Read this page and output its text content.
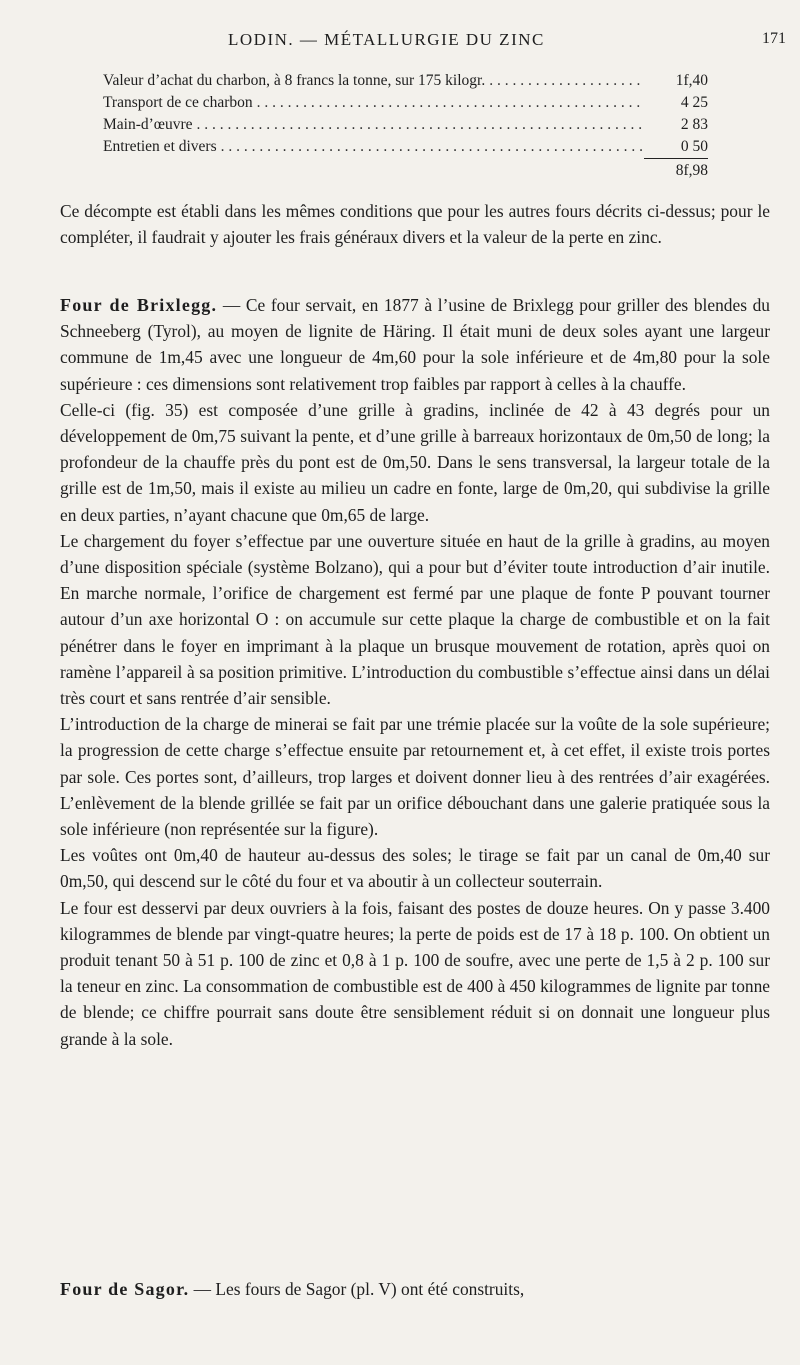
LODIN. — MÉTALLURGIE DU ZINC	171
Valeur d’achat du charbon, à 8 francs la tonne, sur 175 kilogr. . . .	1f,40
Transport de ce charbon . . .	4 25
Main-d’œuvre . . .	2 83
Entretien et divers . . .	0 50
8f,98

Ce décompte est établi dans les mêmes conditions que pour les autres fours décrits ci-dessus; pour le compléter, il faudrait y ajouter les frais généraux divers et la valeur de la perte en zinc.

Four de Brixlegg. — Ce four servait, en 1877 à l’usine de Brixlegg pour griller des blendes du Schneeberg (Tyrol), au moyen de lignite de Häring. Il était muni de deux soles ayant une largeur commune de 1m,45 avec une longueur de 4m,60 pour la sole inférieure et de 4m,80 pour la sole supérieure : ces dimensions sont relativement trop faibles par rapport à celles à la chauffe.

Celle-ci (fig. 35) est composée d’une grille à gradins, inclinée de 42 à 43 degrés pour un développement de 0m,75 suivant la pente, et d’une grille à barreaux horizontaux de 0m,50 de long; la profondeur de la chauffe près du pont est de 0m,50. Dans le sens transversal, la largeur totale de la grille est de 1m,50, mais il existe au milieu un cadre en fonte, large de 0m,20, qui subdivise la grille en deux parties, n’ayant chacune que 0m,65 de large.

Le chargement du foyer s’effectue par une ouverture située en haut de la grille à gradins, au moyen d’une disposition spéciale (système Bolzano), qui a pour but d’éviter toute introduction d’air inutile. En marche normale, l’orifice de chargement est fermé par une plaque de fonte P pouvant tourner autour d’un axe horizontal O : on accumule sur cette plaque la charge de combustible et on la fait pénétrer dans le foyer en imprimant à la plaque un brusque mouvement de rotation, après quoi on ramène l’appareil à sa position primitive. L’introduction du combustible s’effectue ainsi dans un délai très court et sans rentrée d’air sensible.

L’introduction de la charge de minerai se fait par une trémie placée sur la voûte de la sole supérieure; la progression de cette charge s’effectue ensuite par retournement et, à cet effet, il existe trois portes par sole. Ces portes sont, d’ailleurs, trop larges et doivent donner lieu à des rentrées d’air exagérées. L’enlèvement de la blende grillée se fait par un orifice débouchant dans une galerie pratiquée sous la sole inférieure (non représentée sur la figure).

Les voûtes ont 0m,40 de hauteur au-dessus des soles; le tirage se fait par un canal de 0m,40 sur 0m,50, qui descend sur le côté du four et va aboutir à un collecteur souterrain.

Le four est desservi par deux ouvriers à la fois, faisant des postes de douze heures. On y passe 3.400 kilogrammes de blende par vingt-quatre heures; la perte de poids est de 17 à 18 p. 100. On obtient un produit tenant 50 à 51 p. 100 de zinc et 0,8 à 1 p. 100 de soufre, avec une perte de 1,5 à 2 p. 100 sur la teneur en zinc. La consommation de combustible est de 400 à 450 kilogrammes de lignite par tonne de blende; ce chiffre pourrait sans doute être sensiblement réduit si on donnait une longueur plus grande à la sole.

Four de Sagor. — Les fours de Sagor (pl. V) ont été construits,
